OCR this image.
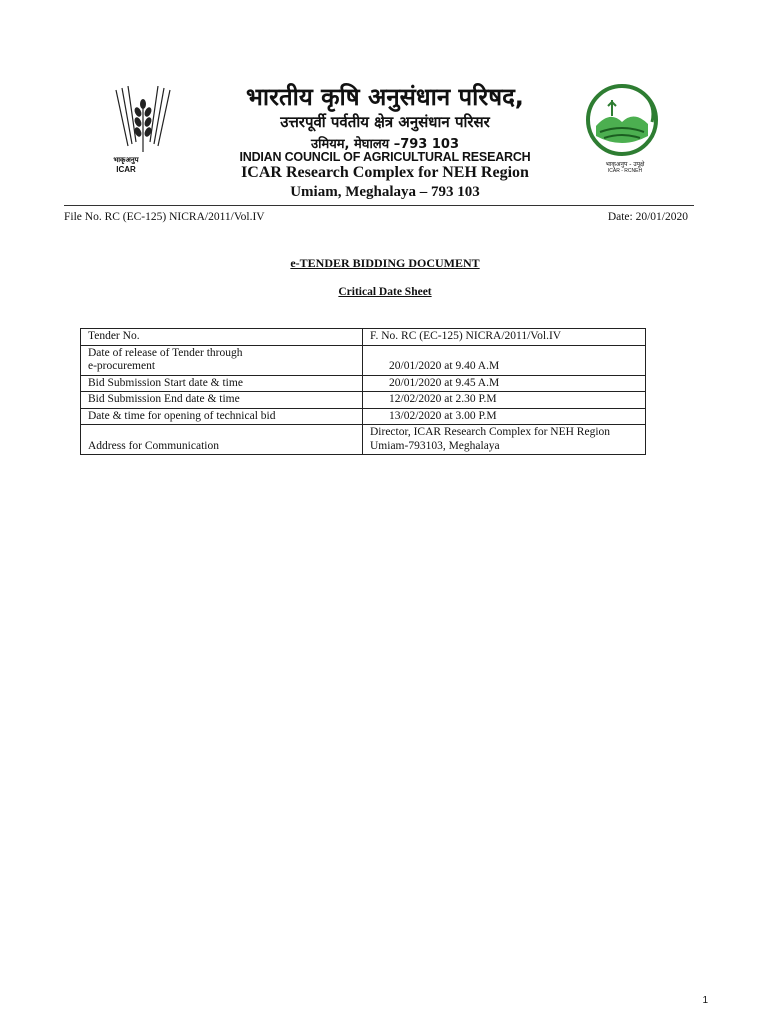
भाकृअनुप
ICAR
भाकृअनुप - उपूक्षे
ICAR - RCNEH
भारतीय कृषि अनुसंधान परिषद,
उत्तरपूर्वी पर्वतीय क्षेत्र अनुसंधान परिसर
उमियम, मेघालय –793 103
INDIAN COUNCIL OF AGRICULTURAL RESEARCH
ICAR Research Complex for NEH Region
Umiam, Meghalaya – 793 103
File No. RC (EC-125) NICRA/2011/Vol.IV	Date: 20/01/2020
e-TENDER BIDDING DOCUMENT
Critical Date Sheet
Tender No.	F. No. RC (EC-125) NICRA/2011/Vol.IV

Date of release of Tender through
e-procurement	20/01/2020 at 9.40 A.M
Bid Submission Start date & time	20/01/2020 at 9.45 A.M
Bid Submission End date & time	12/02/2020 at 2.30 P.M
Date & time for opening of technical bid	13/02/2020 at 3.00 P.M
Address for Communication	Director, ICAR Research Complex for NEH Region
Umiam-793103, Meghalaya
1
